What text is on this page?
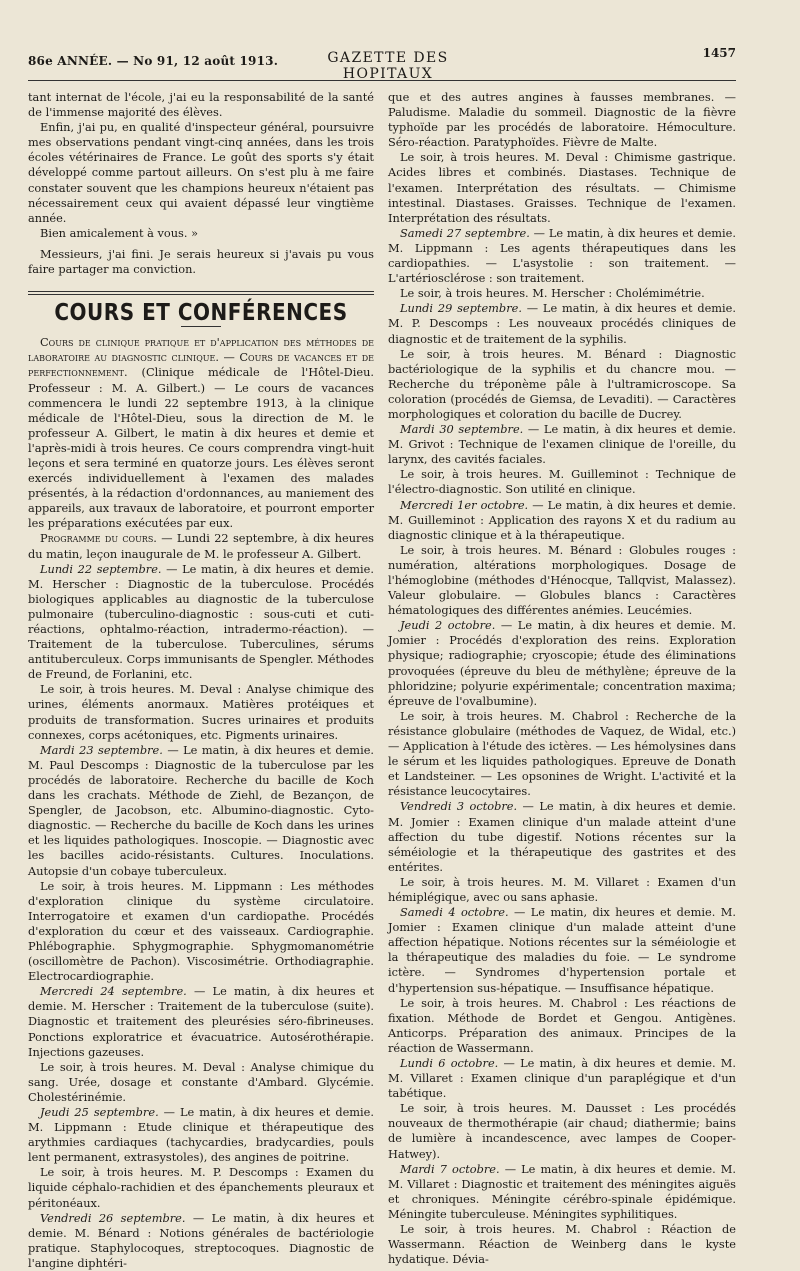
86e ANNÉE. — No 91, 12 août 1913.	GAZETTE DES HOPITAUX
1457

tant internat de l'école, j'ai eu la responsabilité de la santé de l'immense majorité des élèves.

Enfin, j'ai pu, en qualité d'inspecteur général, poursuivre mes observations pendant vingt-cinq années, dans les trois écoles vétérinaires de France. Le goût des sports s'y était développé comme partout ailleurs. On s'est plu à me faire constater souvent que les champions heureux n'étaient pas nécessairement ceux qui avaient dépassé leur vingtième année.

Bien amicalement à vous. »

Messieurs, j'ai fini. Je serais heureux si j'avais pu vous faire partager ma conviction.

COURS ET CONFÉRENCES

Cours de clinique pratique et d'application des méthodes de laboratoire au diagnostic clinique. — Cours de vacances et de perfectionnement. (Clinique médicale de l'Hôtel-Dieu. Professeur : M. A. Gilbert.) — Le cours de vacances commencera le lundi 22 septembre 1913, à la clinique médicale de l'Hôtel-Dieu, sous la direction de M. le professeur A. Gilbert, le matin à dix heures et demie et l'après-midi à trois heures. Ce cours comprendra vingt-huit leçons et sera terminé en quatorze jours. Les élèves seront exercés individuellement à l'examen des malades présentés, à la rédaction d'ordonnances, au maniement des appareils, aux travaux de laboratoire, et pourront emporter les préparations exécutées par eux.

Programme du cours. — Lundi 22 septembre, à dix heures du matin, leçon inaugurale de M. le professeur A. Gilbert.

Lundi 22 septembre. — Le matin, à dix heures et demie. M. Herscher : Diagnostic de la tuberculose. Procédés biologiques applicables au diagnostic de la tuberculose pulmonaire (tuberculino-diagnostic : sous-cuti et cuti-réactions, ophtalmo-réaction, intradermo-réaction). — Traitement de la tuberculose. Tuberculines, sérums antituberculeux. Corps immunisants de Spengler. Méthodes de Freund, de Forlanini, etc.

Le soir, à trois heures. M. Deval : Analyse chimique des urines, éléments anormaux. Matières protéiques et produits de transformation. Sucres urinaires et produits connexes, corps acétoniques, etc. Pigments urinaires.

Mardi 23 septembre. — Le matin, à dix heures et demie. M. Paul Descomps : Diagnostic de la tuberculose par les procédés de laboratoire. Recherche du bacille de Koch dans les crachats. Méthode de Ziehl, de Bezançon, de Spengler, de Jacobson, etc. Albumino-diagnostic. Cyto-diagnostic. — Recherche du bacille de Koch dans les urines et les liquides pathologiques. Inoscopie. — Diagnostic avec les bacilles acido-résistants. Cultures. Inoculations. Autopsie d'un cobaye tuberculeux.

Le soir, à trois heures. M. Lippmann : Les méthodes d'exploration clinique du système circulatoire. Interrogatoire et examen d'un cardiopathe. Procédés d'exploration du cœur et des vaisseaux. Cardiographie. Phlébographie. Sphygmographie. Sphygmomanométrie (oscillomètre de Pachon). Viscosimétrie. Orthodiagraphie. Electrocardiographie.

Mercredi 24 septembre. — Le matin, à dix heures et demie. M. Herscher : Traitement de la tuberculose (suite). Diagnostic et traitement des pleurésies séro-fibrineuses. Ponctions exploratrice et évacuatrice. Autosérothérapie. Injections gazeuses.

Le soir, à trois heures. M. Deval : Analyse chimique du sang. Urée, dosage et constante d'Ambard. Glycémie. Cholestérinémie.

Jeudi 25 septembre. — Le matin, à dix heures et demie. M. Lippmann : Etude clinique et thérapeutique des arythmies cardiaques (tachycardies, bradycardies, pouls lent permanent, extrasystoles), des angines de poitrine.

Le soir, à trois heures. M. P. Descomps : Examen du liquide céphalo-rachidien et des épanchements pleuraux et péritonéaux.

Vendredi 26 septembre. — Le matin, à dix heures et demie. M. Bénard : Notions générales de bactériologie pratique. Staphylocoques, streptocoques. Diagnostic de l'angine diphtéri-

que et des autres angines à fausses membranes. — Paludisme. Maladie du sommeil. Diagnostic de la fièvre typhoïde par les procédés de laboratoire. Hémoculture. Séro-réaction. Paratyphoïdes. Fièvre de Malte.

Le soir, à trois heures. M. Deval : Chimisme gastrique. Acides libres et combinés. Diastases. Technique de l'examen. Interprétation des résultats. — Chimisme intestinal. Diastases. Graisses. Technique de l'examen. Interprétation des résultats.

Samedi 27 septembre. — Le matin, à dix heures et demie. M. Lippmann : Les agents thérapeutiques dans les cardiopathies. — L'asystolie : son traitement. — L'artériosclérose : son traitement.

Le soir, à trois heures. M. Herscher : Cholémimétrie.

Lundi 29 septembre. — Le matin, à dix heures et demie. M. P. Descomps : Les nouveaux procédés cliniques de diagnostic et de traitement de la syphilis.

Le soir, à trois heures. M. Bénard : Diagnostic bactériologique de la syphilis et du chancre mou. — Recherche du tréponème pâle à l'ultramicroscope. Sa coloration (procédés de Giemsa, de Levaditi). — Caractères morphologiques et coloration du bacille de Ducrey.

Mardi 30 septembre. — Le matin, à dix heures et demie. M. Grivot : Technique de l'examen clinique de l'oreille, du larynx, des cavités faciales.

Le soir, à trois heures. M. Guilleminot : Technique de l'électro-diagnostic. Son utilité en clinique.

Mercredi 1er octobre. — Le matin, à dix heures et demie. M. Guilleminot : Application des rayons X et du radium au diagnostic clinique et à la thérapeutique.

Le soir, à trois heures. M. Bénard : Globules rouges : numération, altérations morphologiques. Dosage de l'hémoglobine (méthodes d'Hénocque, Tallqvist, Malassez). Valeur globulaire. — Globules blancs : Caractères hématologiques des différentes anémies. Leucémies.

Jeudi 2 octobre. — Le matin, à dix heures et demie. M. Jomier : Procédés d'exploration des reins. Exploration physique; radiographie; cryoscopie; étude des éliminations provoquées (épreuve du bleu de méthylène; épreuve de la phloridzine; polyurie expérimentale; concentration maxima; épreuve de l'ovalbumine).

Le soir, à trois heures. M. Chabrol : Recherche de la résistance globulaire (méthodes de Vaquez, de Widal, etc.) — Application à l'étude des ictères. — Les hémolysines dans le sérum et les liquides pathologiques. Epreuve de Donath et Landsteiner. — Les opsonines de Wright. L'activité et la résistance leucocytaires.

Vendredi 3 octobre. — Le matin, à dix heures et demie. M. Jomier : Examen clinique d'un malade atteint d'une affection du tube digestif. Notions récentes sur la séméiologie et la thérapeutique des gastrites et des entérites.

Le soir, à trois heures. M. M. Villaret : Examen d'un hémiplégique, avec ou sans aphasie.

Samedi 4 octobre. — Le matin, dix heures et demie. M. Jomier : Examen clinique d'un malade atteint d'une affection hépatique. Notions récentes sur la séméiologie et la thérapeutique des maladies du foie. — Le syndrome ictère. — Syndromes d'hypertension portale et d'hypertension sus-hépatique. — Insuffisance hépatique.

Le soir, à trois heures. M. Chabrol : Les réactions de fixation. Méthode de Bordet et Gengou. Antigènes. Anticorps. Préparation des animaux. Principes de la réaction de Wassermann.

Lundi 6 octobre. — Le matin, à dix heures et demie. M. M. Villaret : Examen clinique d'un paraplégique et d'un tabétique.

Le soir, à trois heures. M. Dausset : Les procédés nouveaux de thermothérapie (air chaud; diathermie; bains de lumière à incandescence, avec lampes de Cooper-Hatwey).

Mardi 7 octobre. — Le matin, à dix heures et demie. M. M. Villaret : Diagnostic et traitement des méningites aiguës et chroniques. Méningite cérébro-spinale épidémique. Méningite tuberculeuse. Méningites syphilitiques.

Le soir, à trois heures. M. Chabrol : Réaction de Wassermann. Réaction de Weinberg dans le kyste hydatique. Dévia-
